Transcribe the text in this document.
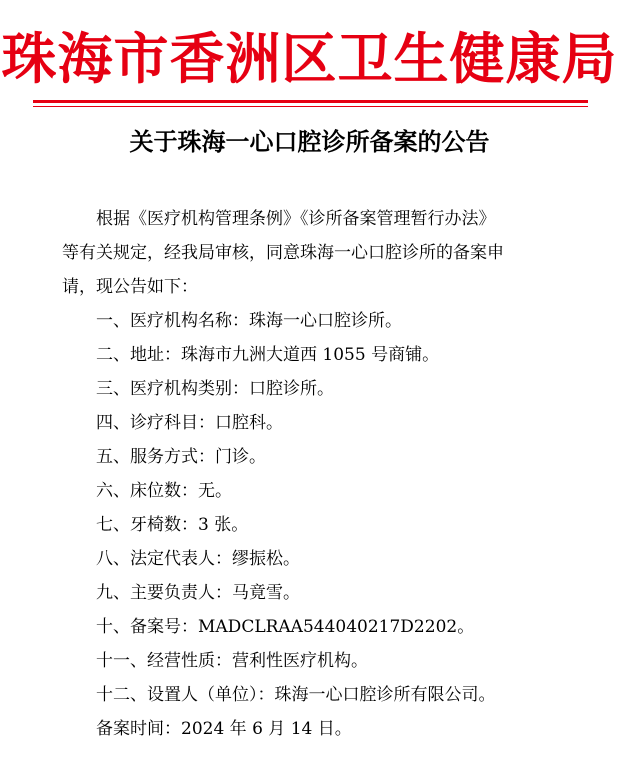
珠海市香洲区卫生健康局
关于珠海一心口腔诊所备案的公告
根据《医疗机构管理条例》《诊所备案管理暂行办法》
等有关规定，经我局审核，同意珠海一心口腔诊所的备案申
请，现公告如下：
一、医疗机构名称：珠海一心口腔诊所。
二、地址：珠海市九洲大道西 1055 号商铺。
三、医疗机构类别：口腔诊所。
四、诊疗科目：口腔科。
五、服务方式：门诊。
六、床位数：无。
七、牙椅数：3 张。
八、法定代表人：缪振松。
九、主要负责人：马竟雪。
十、备案号：MADCLRAA544040217D2202。
十一、经营性质：营利性医疗机构。
十二、设置人（单位）：珠海一心口腔诊所有限公司。
备案时间：2024 年 6 月 14 日。
